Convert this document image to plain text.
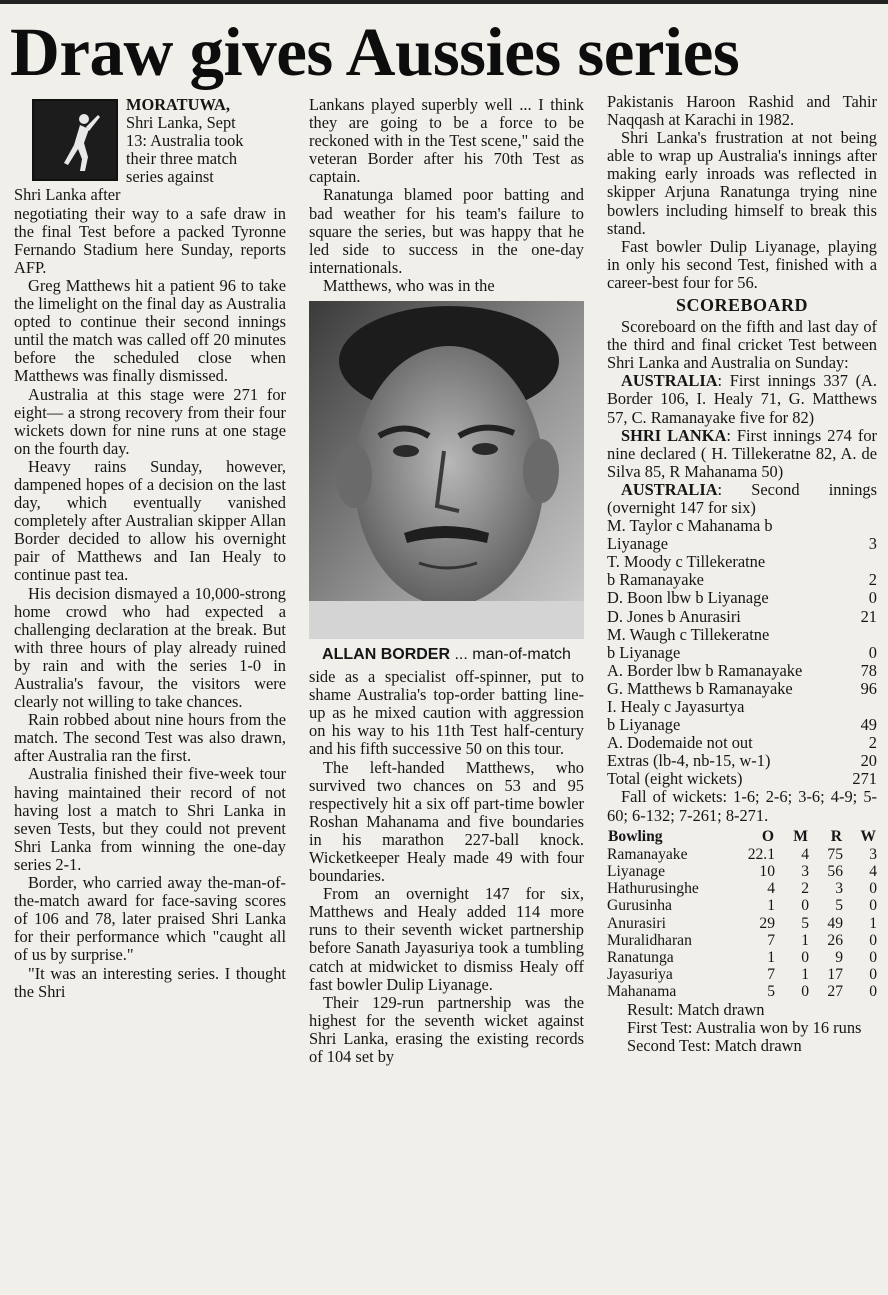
Draw gives Aussies series

MORATUWA,

Shri Lanka, Sept

13: Australia took

their three match

series against

Shri Lanka after

negotiating their way to a safe draw in the final Test before a packed Tyronne Fernando Stadium here Sunday, reports AFP.

Greg Matthews hit a patient 96 to take the limelight on the final day as Australia opted to continue their second innings until the match was called off 20 minutes before the scheduled close when Matthews was finally dismissed.

Australia at this stage were 271 for eight— a strong recovery from their four wickets down for nine runs at one stage on the fourth day.

Heavy rains Sunday, however, dampened hopes of a decision on the last day, which eventually vanished completely after Australian skipper Allan Border decided to allow his overnight pair of Matthews and Ian Healy to continue past tea.

His decision dismayed a 10,000-strong home crowd who had expected a challenging declaration at the break. But with three hours of play already ruined by rain and with the series 1-0 in Australia's favour, the visitors were clearly not willing to take chances.

Rain robbed about nine hours from the match. The second Test was also drawn, after Australia ran the first.

Australia finished their five-week tour having maintained their record of not having lost a match to Shri Lanka in seven Tests, but they could not prevent Shri Lanka from winning the one-day series 2-1.

Border, who carried away the-man-of-the-match award for face-saving scores of 106 and 78, later praised Shri Lanka for their performance which "caught all of us by surprise."

"It was an interesting series. I thought the Shri

Lankans played superbly well ... I think they are going to be a force to be reckoned with in the Test scene," said the veteran Border after his 70th Test as captain.

Ranatunga blamed poor batting and bad weather for his team's failure to square the series, but was happy that he led side to success in the one-day internationals.

Matthews, who was in the

ALLAN BORDER ... man-of-match

side as a specialist off-spinner, put to shame Australia's top-order batting line-up as he mixed caution with aggression on his way to his 11th Test half-century and his fifth successive 50 on this tour.

The left-handed Matthews, who survived two chances on 53 and 95 respectively hit a six off part-time bowler Roshan Mahanama and five boundaries in his marathon 227-ball knock. Wicketkeeper Healy made 49 with four boundaries.

From an overnight 147 for six, Matthews and Healy added 114 more runs to their seventh wicket partnership before Sanath Jayasuriya took a tumbling catch at midwicket to dismiss Healy off fast bowler Dulip Liyanage.

Their 129-run partnership was the highest for the seventh wicket against Shri Lanka, erasing the existing records of 104 set by

Pakistanis Haroon Rashid and Tahir Naqqash at Karachi in 1982.

Shri Lanka's frustration at not being able to wrap up Australia's innings after making early inroads was reflected in skipper Arjuna Ranatunga trying nine bowlers including himself to break this stand.

Fast bowler Dulip Liyanage, playing in only his second Test, finished with a career-best four for 56.

SCOREBOARD

Scoreboard on the fifth and last day of the third and final cricket Test between Shri Lanka and Australia on Sunday:

AUSTRALIA: First innings 337 (A. Border 106, I. Healy 71, G. Matthews 57, C. Ramanayake five for 82)

SHRI LANKA: First innings 274 for nine declared ( H. Tillekeratne 82, A. de Silva 85, R Mahanama 50)

AUSTRALIA: Second innings (overnight 147 for six)

M. Taylor c Mahanama b
Liyanage	3
T. Moody c Tillekeratne
b Ramanayake	2
D. Boon lbw b Liyanage	0
D. Jones b Anurasiri	21
M. Waugh c Tillekeratne
b Liyanage	0
A. Border lbw b Ramanayake	78
G. Matthews b Ramanayake	96
I. Healy c Jayasurtya
b Liyanage	49
A. Dodemaide not out	2
Extras (lb-4, nb-15, w-1)	20
Total (eight wickets)	271

Fall of wickets: 1-6; 2-6; 3-6; 4-9; 5-60; 6-132; 7-261; 8-271.

Bowling	O	M	R	W
Ramanayake	22.1	4	75	3
Liyanage	10	3	56	4
Hathurusinghe	4	2	3	0
Gurusinha	1	0	5	0
Anurasiri	29	5	49	1
Muralidharan	7	1	26	0
Ranatunga	1	0	9	0
Jayasuriya	7	1	17	0
Mahanama	5	0	27	0

Result: Match drawn

First Test: Australia won by 16 runs

Second Test: Match drawn
